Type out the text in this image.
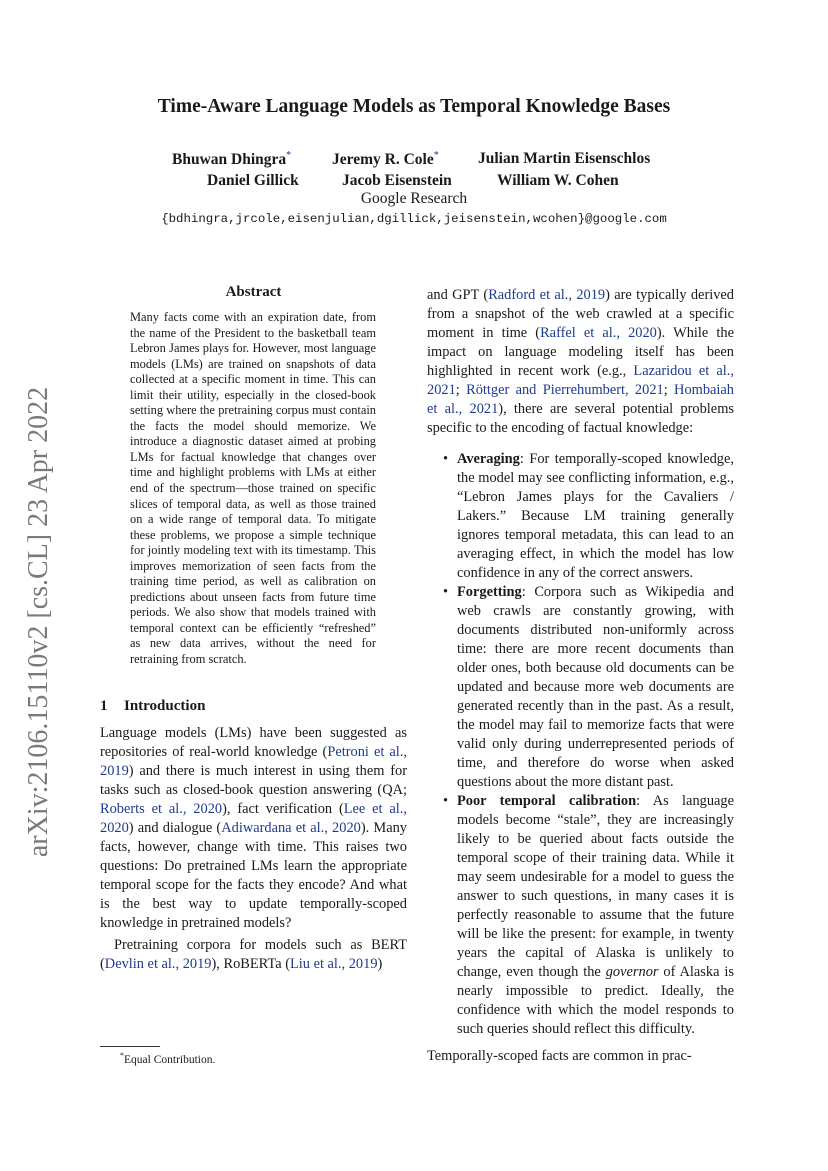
arXiv:2106.15110v2 [cs.CL] 23 Apr 2022
Time-Aware Language Models as Temporal Knowledge Bases
Bhuwan Dhingra*	Jeremy R. Cole*	Julian Martin Eisenschlos
Daniel Gillick	Jacob Eisenstein	William W. Cohen
Google Research
{bdhingra,jrcole,eisenjulian,dgillick,jeisenstein,wcohen}@google.com
Abstract
Many facts come with an expiration date, from the name of the President to the basketball team Lebron James plays for. However, most language models (LMs) are trained on snapshots of data collected at a specific moment in time. This can limit their utility, especially in the closed-book setting where the pretraining corpus must contain the facts the model should memorize. We introduce a diagnostic dataset aimed at probing LMs for factual knowledge that changes over time and highlight problems with LMs at either end of the spectrum—those trained on specific slices of temporal data, as well as those trained on a wide range of temporal data. To mitigate these problems, we propose a simple technique for jointly modeling text with its timestamp. This improves memorization of seen facts from the training time period, as well as calibration on predictions about unseen facts from future time periods. We also show that models trained with temporal context can be efficiently “refreshed” as new data arrives, without the need for retraining from scratch.
1 Introduction

Language models (LMs) have been suggested as repositories of real-world knowledge (Petroni et al., 2019) and there is much interest in using them for tasks such as closed-book question answering (QA; Roberts et al., 2020), fact verification (Lee et al., 2020) and dialogue (Adiwardana et al., 2020). Many facts, however, change with time. This raises two questions: Do pretrained LMs learn the appropriate temporal scope for the facts they encode? And what is the best way to update temporally-scoped knowledge in pretrained models?

Pretraining corpora for models such as BERT (Devlin et al., 2019), RoBERTa (Liu et al., 2019)

*Equal Contribution.

and GPT (Radford et al., 2019) are typically derived from a snapshot of the web crawled at a specific moment in time (Raffel et al., 2020). While the impact on language modeling itself has been highlighted in recent work (e.g., Lazaridou et al., 2021; Röttger and Pierrehumbert, 2021; Hombaiah et al., 2021), there are several potential problems specific to the encoding of factual knowledge:

• Averaging: For temporally-scoped knowledge, the model may see conflicting information, e.g., “Lebron James plays for the Cavaliers / Lakers.” Because LM training generally ignores temporal metadata, this can lead to an averaging effect, in which the model has low confidence in any of the correct answers.
• Forgetting: Corpora such as Wikipedia and web crawls are constantly growing, with documents distributed non-uniformly across time: there are more recent documents than older ones, both because old documents can be updated and because more web documents are generated recently than in the past. As a result, the model may fail to memorize facts that were valid only during underrepresented periods of time, and therefore do worse when asked questions about the more distant past.
• Poor temporal calibration: As language models become “stale”, they are increasingly likely to be queried about facts outside the temporal scope of their training data. While it may seem undesirable for a model to guess the answer to such questions, in many cases it is perfectly reasonable to assume that the future will be like the present: for example, in twenty years the capital of Alaska is unlikely to change, even though the governor of Alaska is nearly impossible to predict. Ideally, the confidence with which the model responds to such queries should reflect this difficulty.
Temporally-scoped facts are common in prac-
